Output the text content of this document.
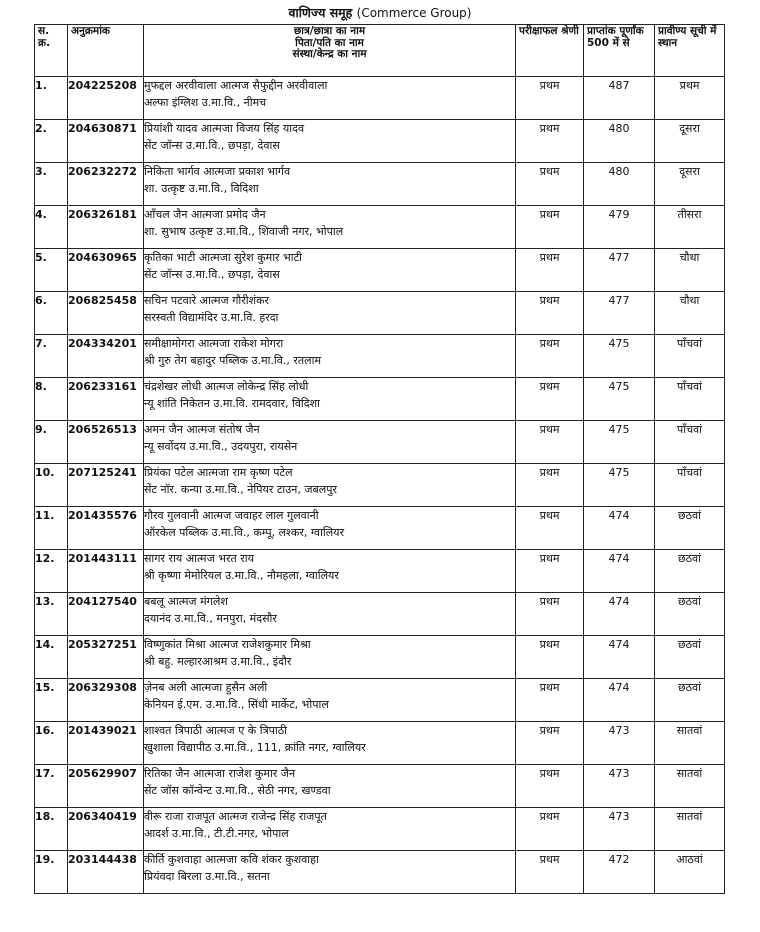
वाणिज्य समूह (Commerce Group)
स. क्र.	अनुक्रमांक	छात्र/छात्रा का नाम
पिता/पति का नाम
संस्था/केन्द्र का नाम	परीक्षाफल श्रेणी	प्राप्तांक पूर्णांक 500 में से	प्रावीण्य सूची में स्थान
1.	204225208	मुफद्दल अरवीवाला आत्मज सैफुद्दीन अरवीवाला
अल्फा इंग्लिश उ.मा.वि., नीमच	प्रथम	487	प्रथम
2.	204630871	प्रियांशी यादव आत्मजा विजय सिंह यादव
सेंट जॉन्स उ.मा.वि., छपड़ा, देवास	प्रथम	480	दूसरा
3.	206232272	निकिता भार्गव आत्मजा प्रकाश भार्गव
शा. उत्कृष्ट उ.मा.वि., विदिशा	प्रथम	480	दूसरा
4.	206326181	आँचल जैन आत्मजा प्रमोद जैन
शा. सुभाष उत्कृष्ट उ.मा.वि., शिवाजी नगर, भोपाल	प्रथम	479	तीसरा
5.	204630965	कृतिका भाटी आत्मजा सुरेश कुमार भाटी
सेंट जॉन्स उ.मा.वि., छपड़ा, देवास	प्रथम	477	चौथा
6.	206825458	सचिन पटवारे आत्मज गौरीशंकर
सरस्वती विद्यामंदिर उ.मा.वि. हरदा	प्रथम	477	चौथा
7.	204334201	समीक्षामोगरा आत्मजा राकेश मोगरा
श्री गुरु तेग बहादुर पब्लिक उ.मा.वि., रतलाम	प्रथम	475	पाँचवां
8.	206233161	चंद्रशेखर लोधी आत्मज लोकेन्द्र सिंह लोधी
न्यू शांति निकेतन उ.मा.वि. रामदवार, विदिशा	प्रथम	475	पाँचवां
9.	206526513	अमन जैन आत्मज संतोष जैन
न्यू सर्वोदय उ.मा.वि., उदयपुरा, रायसेन	प्रथम	475	पाँचवां
10.	207125241	प्रियंका पटेल आत्मजा राम कृष्ण पटेल
सेंट नॉर. कन्या उ.मा.वि., नेपियर टाउन, जबलपुर	प्रथम	475	पाँचवां
11.	201435576	गौरव गुलवानी आत्मज जवाहर लाल गुलवानी
ऑरकेल पब्लिक उ.मा.वि., कम्पू, लश्कर, ग्वालियर	प्रथम	474	छठवां
12.	201443111	सागर राय आत्मज भरत राय
श्री कृष्णा मेमोरियल उ.मा.वि., नौमहला, ग्वालियर	प्रथम	474	छठवां
13.	204127540	बबलू आत्मज मंगलेश
दयानंद उ.मा.वि., मनपुरा, मंदसौर	प्रथम	474	छठवां
14.	205327251	विष्णुकांत मिश्रा आत्मज राजेशकुमार मिश्रा
श्री बहु. मल्हारआश्रम उ.मा.वि., इंदौर	प्रथम	474	छठवां
15.	206329308	ज़ेनब अली आत्मजा हुसैन अली
केनियन ई.एम. उ.मा.वि., सिंधी मार्केट, भोपाल	प्रथम	474	छठवां
16.	201439021	शाश्वत त्रिपाठी आत्मज ए के त्रिपाठी
खुशाला विद्यापीठ उ.मा.वि., 111, क्रांति नगर, ग्वालियर	प्रथम	473	सातवां
17.	205629907	रितिका जैन आत्मजा राजेश कुमार जैन
सेंट जॉस कॉन्वेन्ट उ.मा.वि., सेठी नगर, खण्डवा	प्रथम	473	सातवां
18.	206340419	वीरू राजा राजपूत आत्मज राजेन्द्र सिंह राजपूत
आदर्श उ.मा.वि., टी.टी.नगर, भोपाल	प्रथम	473	सातवां
19.	203144438	कीर्ति कुशवाहा आत्मजा कवि शंकर कुशवाहा
प्रियंवदा बिरला उ.मा.वि., सतना	प्रथम	472	आठवां
